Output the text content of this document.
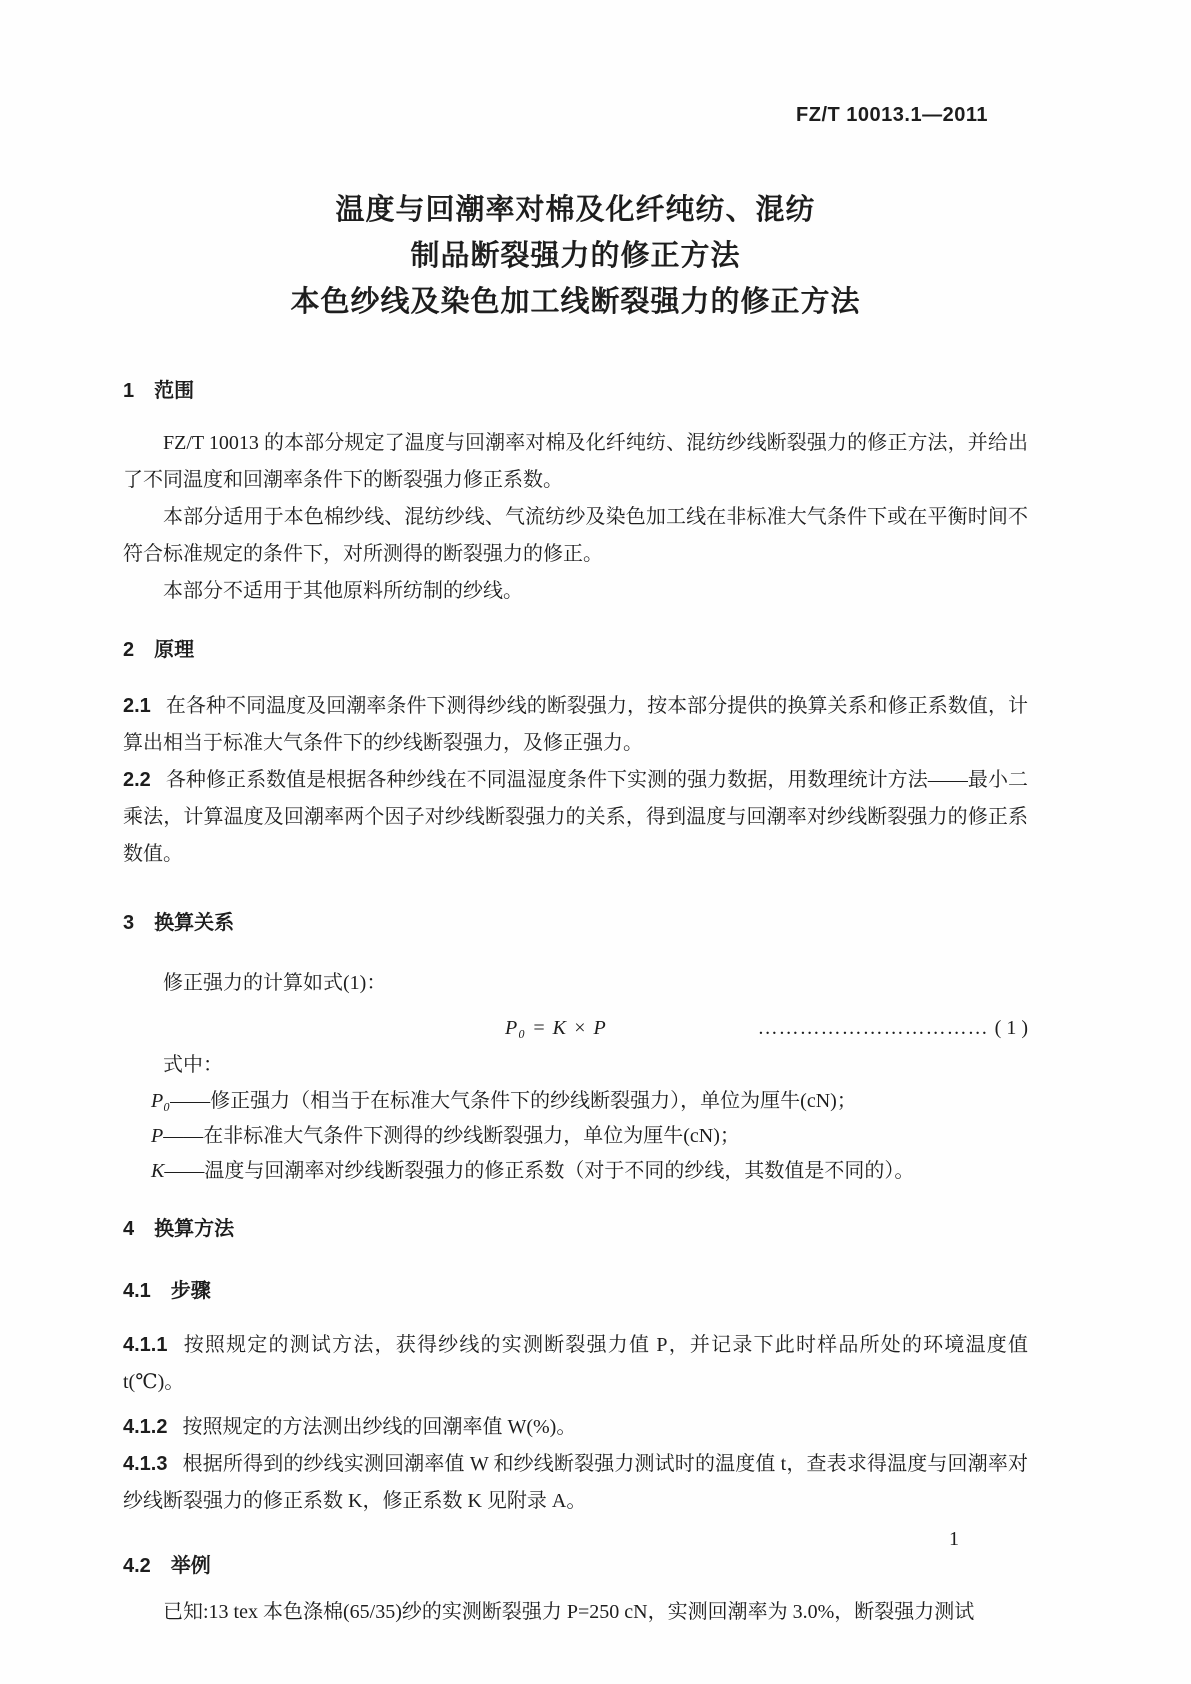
FZ/T 10013.1—2011
温度与回潮率对棉及化纤纯纺、混纺
制品断裂强力的修正方法
本色纱线及染色加工线断裂强力的修正方法
1　范围

FZ/T 10013 的本部分规定了温度与回潮率对棉及化纤纯纺、混纺纱线断裂强力的修正方法，并给出了不同温度和回潮率条件下的断裂强力修正系数。

本部分适用于本色棉纱线、混纺纱线、气流纺纱及染色加工线在非标准大气条件下或在平衡时间不符合标准规定的条件下，对所测得的断裂强力的修正。

本部分不适用于其他原料所纺制的纱线。

2　原理

2.1 在各种不同温度及回潮率条件下测得纱线的断裂强力，按本部分提供的换算关系和修正系数值，计算出相当于标准大气条件下的纱线断裂强力，及修正强力。

2.2 各种修正系数值是根据各种纱线在不同温湿度条件下实测的强力数据，用数理统计方法——最小二乘法，计算温度及回潮率两个因子对纱线断裂强力的关系，得到温度与回潮率对纱线断裂强力的修正系数值。

3　换算关系

修正强力的计算如式(1)：

P₀ = K × P	…………………………… ( 1 )

式中：

P₀——修正强力（相当于在标准大气条件下的纱线断裂强力），单位为厘牛(cN)；

P——在非标准大气条件下测得的纱线断裂强力，单位为厘牛(cN)；

K——温度与回潮率对纱线断裂强力的修正系数（对于不同的纱线，其数值是不同的）。

4　换算方法
4.1　步骤

4.1.1 按照规定的测试方法，获得纱线的实测断裂强力值 P，并记录下此时样品所处的环境温度值 t(℃)。

4.1.2 按照规定的方法测出纱线的回潮率值 W(%)。

4.1.3 根据所得到的纱线实测回潮率值 W 和纱线断裂强力测试时的温度值 t，查表求得温度与回潮率对纱线断裂强力的修正系数 K，修正系数 K 见附录 A。

4.2　举例

已知:13 tex 本色涤棉(65/35)纱的实测断裂强力 P=250 cN，实测回潮率为 3.0%，断裂强力测试

1
